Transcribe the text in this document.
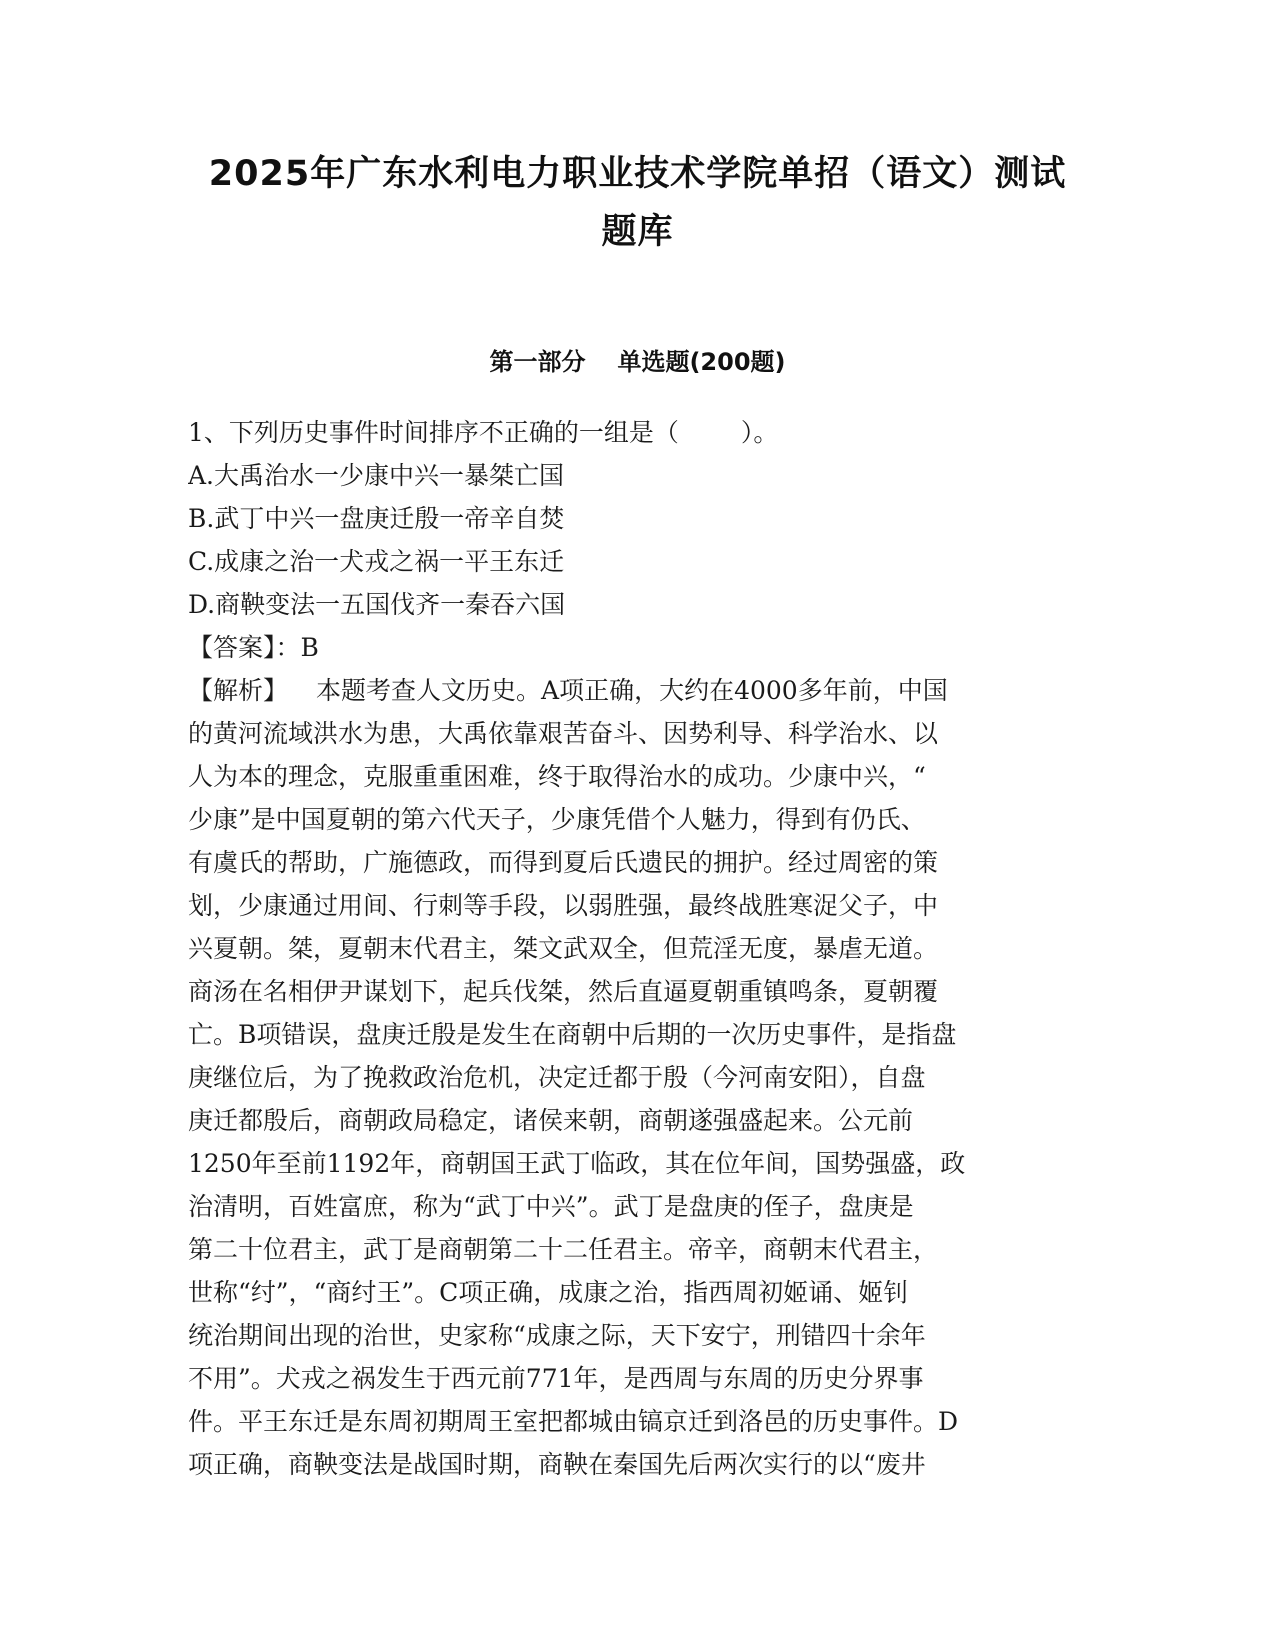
2025年广东水利电力职业技术学院单招（语文）测试
题库
第一部分 单选题(200题)
1、下列历史事件时间排序不正确的一组是（ ）。
A.大禹治水一少康中兴一暴桀亡国
B.武丁中兴一盘庚迁殷一帝辛自焚
C.成康之治一犬戎之祸一平王东迁
D.商鞅变法一五国伐齐一秦吞六国
【答案】：B
【解析】 本题考查人文历史。A项正确，大约在4000多年前，中国
的黄河流域洪水为患，大禹依靠艰苦奋斗、因势利导、科学治水、以
人为本的理念，克服重重困难，终于取得治水的成功。少康中兴，“
少康”是中国夏朝的第六代天子，少康凭借个人魅力，得到有仍氏、
有虞氏的帮助，广施德政，而得到夏后氏遗民的拥护。经过周密的策
划，少康通过用间、行刺等手段，以弱胜强，最终战胜寒浞父子，中
兴夏朝。桀，夏朝末代君主，桀文武双全，但荒淫无度，暴虐无道。
商汤在名相伊尹谋划下，起兵伐桀，然后直逼夏朝重镇鸣条，夏朝覆
亡。B项错误，盘庚迁殷是发生在商朝中后期的一次历史事件，是指盘
庚继位后，为了挽救政治危机，决定迁都于殷（今河南安阳），自盘
庚迁都殷后，商朝政局稳定，诸侯来朝，商朝遂强盛起来。公元前
1250年至前1192年，商朝国王武丁临政，其在位年间，国势强盛，政
治清明，百姓富庶，称为“武丁中兴”。武丁是盘庚的侄子，盘庚是
第二十位君主，武丁是商朝第二十二任君主。帝辛，商朝末代君主，
世称“纣”，“商纣王”。C项正确，成康之治，指西周初姬诵、姬钊
统治期间出现的治世，史家称“成康之际，天下安宁，刑错四十余年
不用”。犬戎之祸发生于西元前771年，是西周与东周的历史分界事
件。平王东迁是东周初期周王室把都城由镐京迁到洛邑的历史事件。D
项正确，商鞅变法是战国时期，商鞅在秦国先后两次实行的以“废井
